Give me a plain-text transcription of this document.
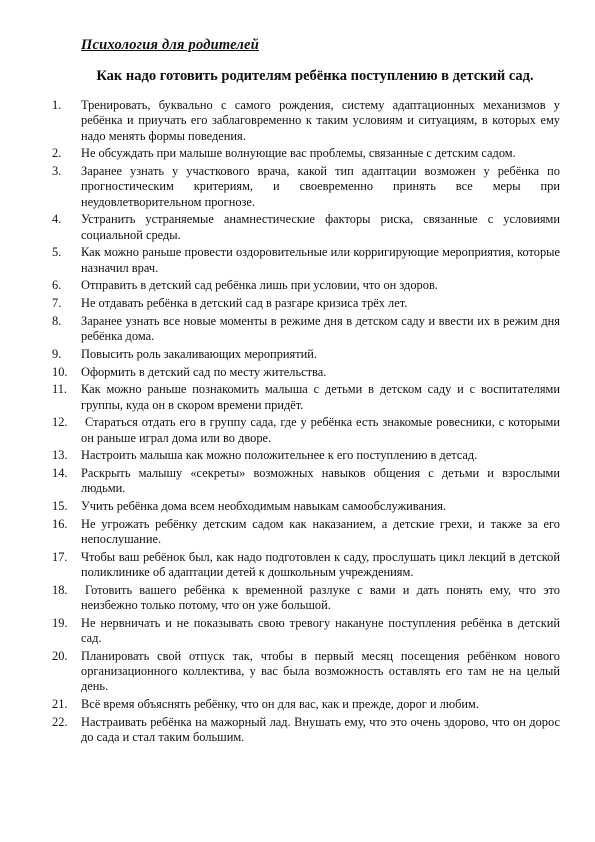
Психология для родителей
Как надо готовить родителям ребёнка поступлению в детский сад.
1. Тренировать, буквально с самого рождения, систему адаптационных механизмов у ребёнка и приучать его заблаговременно к таким условиям и ситуациям, в которых ему надо менять формы поведения.
2. Не обсуждать при малыше волнующие вас проблемы, связанные с детским садом.
3. Заранее узнать у участкового врача, какой тип адаптации возможен у ребёнка по прогностическим критериям, и своевременно принять все меры при неудовлетворительном прогнозе.
4. Устранить устраняемые анамнестические факторы риска, связанные с условиями социальной среды.
5. Как можно раньше провести оздоровительные или корригирующие мероприятия, которые назначил врач.
6. Отправить в детский сад ребёнка лишь при условии, что он здоров.
7. Не отдавать ребёнка в детский сад в разгаре кризиса трёх лет.
8. Заранее узнать все новые моменты в режиме дня в детском саду и ввести их в режим дня ребёнка дома.
9. Повысить роль закаливающих мероприятий.
10. Оформить в детский сад по месту жительства.
11. Как можно раньше познакомить малыша с детьми в детском саду и с воспитателями группы, куда он в скором времени придёт.
12.	Стараться отдать его в группу сада, где у ребёнка есть знакомые ровесники, с которыми он раньше играл дома или во дворе.
13. Настроить малыша как можно положительнее к его поступлению в детсад.
14. Раскрыть малышу «секреты» возможных навыков общения с детьми и взрослыми людьми.
15. Учить ребёнка дома всем необходимым навыкам самообслуживания.
16. Не угрожать ребёнку детским садом как наказанием, а детские грехи, и также за его непослушание.
17. Чтобы ваш ребёнок был, как надо подготовлен к саду, прослушать цикл лекций в детской поликлинике об адаптации детей к дошкольным учреждениям.
18.	Готовить вашего ребёнка к временной разлуке с вами и дать понять ему, что это неизбежно только потому, что он уже большой.
19. Не нервничать и не показывать свою тревогу накануне поступления ребёнка в детский сад.
20. Планировать свой отпуск так, чтобы в первый месяц посещения ребёнком нового организационного коллектива, у вас была возможность оставлять его там не на целый день.
21. Всё время объяснять ребёнку, что он для вас, как и прежде, дорог и любим.
22. Настраивать ребёнка на мажорный лад. Внушать ему, что это очень здорово, что он дорос до сада и стал таким большим.
